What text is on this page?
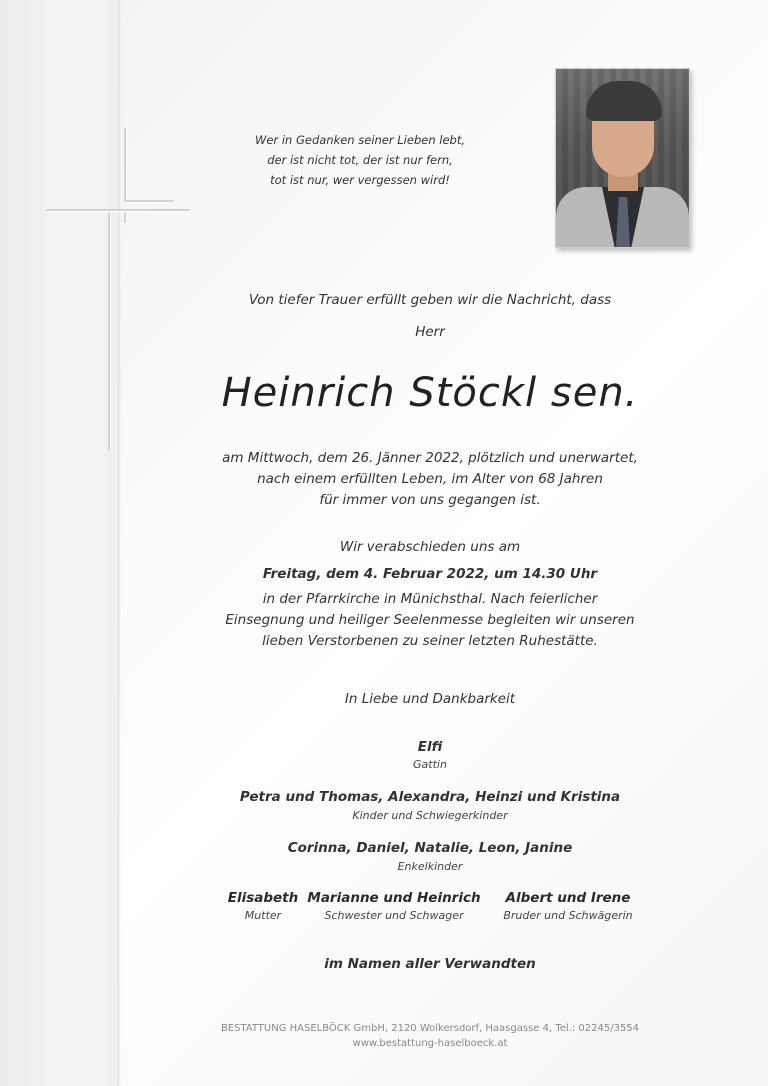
Wer in Gedanken seiner Lieben lebt,
der ist nicht tot, der ist nur fern,
tot ist nur, wer vergessen wird!
Von tiefer Trauer erfüllt geben wir die Nachricht, dass
Herr
Heinrich Stöckl sen.
am Mittwoch, dem 26. Jänner 2022, plötzlich und unerwartet,
nach einem erfüllten Leben, im Alter von 68 Jahren
für immer von uns gegangen ist.
Wir verabschieden uns am
Freitag, dem 4. Februar 2022, um 14.30 Uhr
in der Pfarrkirche in Münichsthal. Nach feierlicher
Einsegnung und heiliger Seelenmesse begleiten wir unseren
lieben Verstorbenen zu seiner letzten Ruhestätte.
In Liebe und Dankbarkeit
Elfi
Gattin
Petra und Thomas, Alexandra, Heinzi und Kristina
Kinder und Schwiegerkinder
Corinna, Daniel, Natalie, Leon, Janine
Enkelkinder
Elisabeth
Mutter
Marianne und Heinrich
Schwester und Schwager
Albert und Irene
Bruder und Schwägerin
im Namen aller Verwandten
BESTATTUNG HASELBÖCK GmbH, 2120 Wolkersdorf, Haasgasse 4, Tel.: 02245/3554
www.bestattung-haselboeck.at
